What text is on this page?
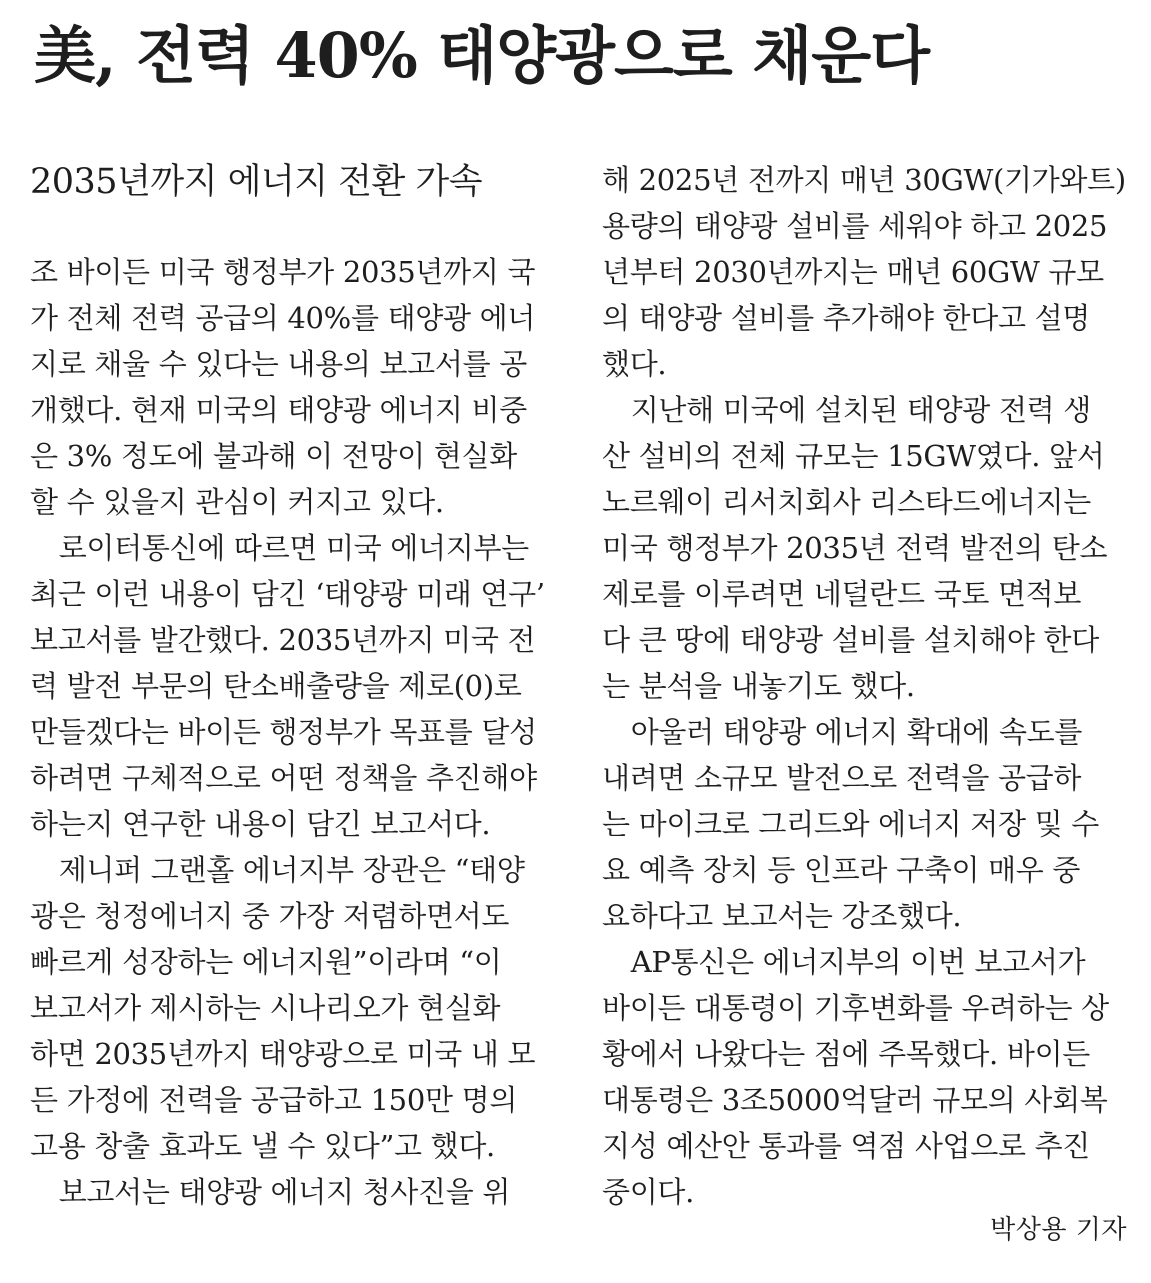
美, 전력 40% 태양광으로 채운다
2035년까지 에너지 전환 가속
조 바이든 미국 행정부가 2035년까지 국
가 전체 전력 공급의 40%를 태양광 에너
지로 채울 수 있다는 내용의 보고서를 공
개했다. 현재 미국의 태양광 에너지 비중
은 3% 정도에 불과해 이 전망이 현실화
할 수 있을지 관심이 커지고 있다.
　로이터통신에 따르면 미국 에너지부는
최근 이런 내용이 담긴 ‘태양광 미래 연구’
보고서를 발간했다. 2035년까지 미국 전
력 발전 부문의 탄소배출량을 제로(0)로
만들겠다는 바이든 행정부가 목표를 달성
하려면 구체적으로 어떤 정책을 추진해야
하는지 연구한 내용이 담긴 보고서다.
　제니퍼 그랜홀 에너지부 장관은 “태양
광은 청정에너지 중 가장 저렴하면서도
빠르게 성장하는 에너지원”이라며 “이
보고서가 제시하는 시나리오가 현실화
하면 2035년까지 태양광으로 미국 내 모
든 가정에 전력을 공급하고 150만 명의
고용 창출 효과도 낼 수 있다”고 했다.
　보고서는 태양광 에너지 청사진을 위
해 2025년 전까지 매년 30GW(기가와트)
용량의 태양광 설비를 세워야 하고 2025
년부터 2030년까지는 매년 60GW 규모
의 태양광 설비를 추가해야 한다고 설명
했다.
　지난해 미국에 설치된 태양광 전력 생
산 설비의 전체 규모는 15GW였다. 앞서
노르웨이 리서치회사 리스타드에너지는
미국 행정부가 2035년 전력 발전의 탄소
제로를 이루려면 네덜란드 국토 면적보
다 큰 땅에 태양광 설비를 설치해야 한다
는 분석을 내놓기도 했다.
　아울러 태양광 에너지 확대에 속도를
내려면 소규모 발전으로 전력을 공급하
는 마이크로 그리드와 에너지 저장 및 수
요 예측 장치 등 인프라 구축이 매우 중
요하다고 보고서는 강조했다.
　AP통신은 에너지부의 이번 보고서가
바이든 대통령이 기후변화를 우려하는 상
황에서 나왔다는 점에 주목했다. 바이든
대통령은 3조5000억달러 규모의 사회복
지성 예산안 통과를 역점 사업으로 추진
중이다.
박상용 기자
